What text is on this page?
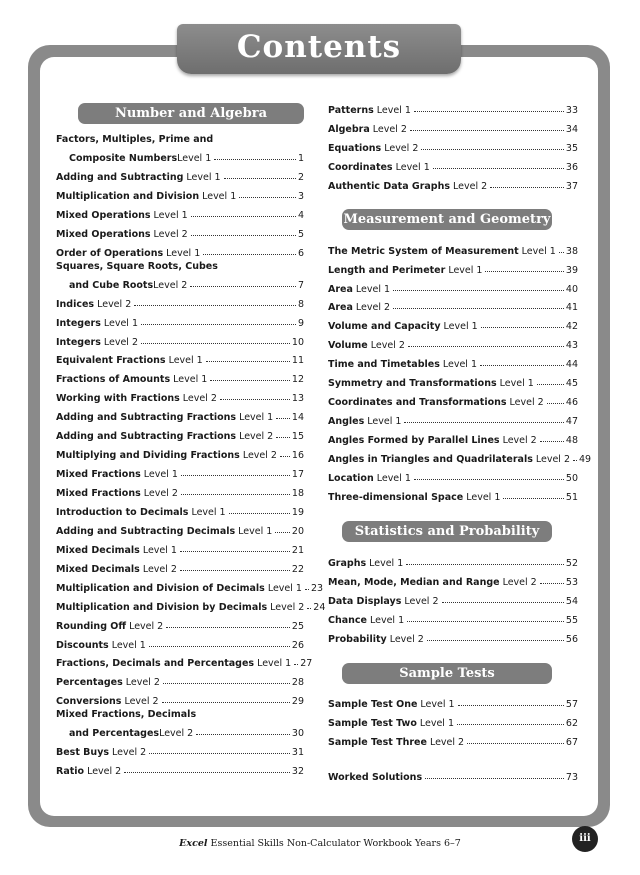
Contents
Number and Algebra
Factors, Multiples, Prime and
Composite Numbers Level 1	1
Adding and Subtracting Level 1	2
Multiplication and Division Level 1	3
Mixed Operations Level 1	4
Mixed Operations Level 2	5
Order of Operations Level 1	6
Squares, Square Roots, Cubes
and Cube Roots Level 2	7
Indices Level 2	8
Integers Level 1	9
Integers Level 2	10
Equivalent Fractions Level 1	11
Fractions of Amounts Level 1	12
Working with Fractions Level 2	13
Adding and Subtracting Fractions Level 1 14
Adding and Subtracting Fractions Level 2 15
Multiplying and Dividing Fractions Level 2 16
Mixed Fractions Level 1	17
Mixed Fractions Level 2	18
Introduction to Decimals Level 1	19
Adding and Subtracting Decimals Level 1 20
Mixed Decimals Level 1	21
Mixed Decimals Level 2	22
Multiplication and Division of Decimals Level 1 23
Multiplication and Division by Decimals Level 2 24
Rounding Off Level 2	25
Discounts Level 1	26
Fractions, Decimals and Percentages Level 1 27
Percentages Level 2	28
Conversions Level 2	29
Mixed Fractions, Decimals
and Percentages Level 2	30
Best Buys Level 2	31
Ratio Level 2	32
Patterns Level 1	33
Algebra Level 2	34
Equations Level 2	35
Coordinates Level 1	36
Authentic Data Graphs Level 2	37
Measurement and Geometry
The Metric System of Measurement Level 1 38
Length and Perimeter Level 1	39
Area Level 1	40
Area Level 2	41
Volume and Capacity Level 1	42
Volume Level 2	43
Time and Timetables Level 1	44
Symmetry and Transformations Level 1	45
Coordinates and Transformations Level 2 46
Angles Level 1	47
Angles Formed by Parallel Lines Level 2	48
Angles in Triangles and Quadrilaterals Level 2 49
Location Level 1	50
Three-dimensional Space Level 1	51
Statistics and Probability
Graphs Level 1	52
Mean, Mode, Median and Range Level 2	53
Data Displays Level 2	54
Chance Level 1	55
Probability Level 2	56
Sample Tests
Sample Test One Level 1	57
Sample Test Two Level 1	62
Sample Test Three Level 2	67
Worked Solutions	73
Excel Essential Skills Non-Calculator Workbook Years 6–7	iii
